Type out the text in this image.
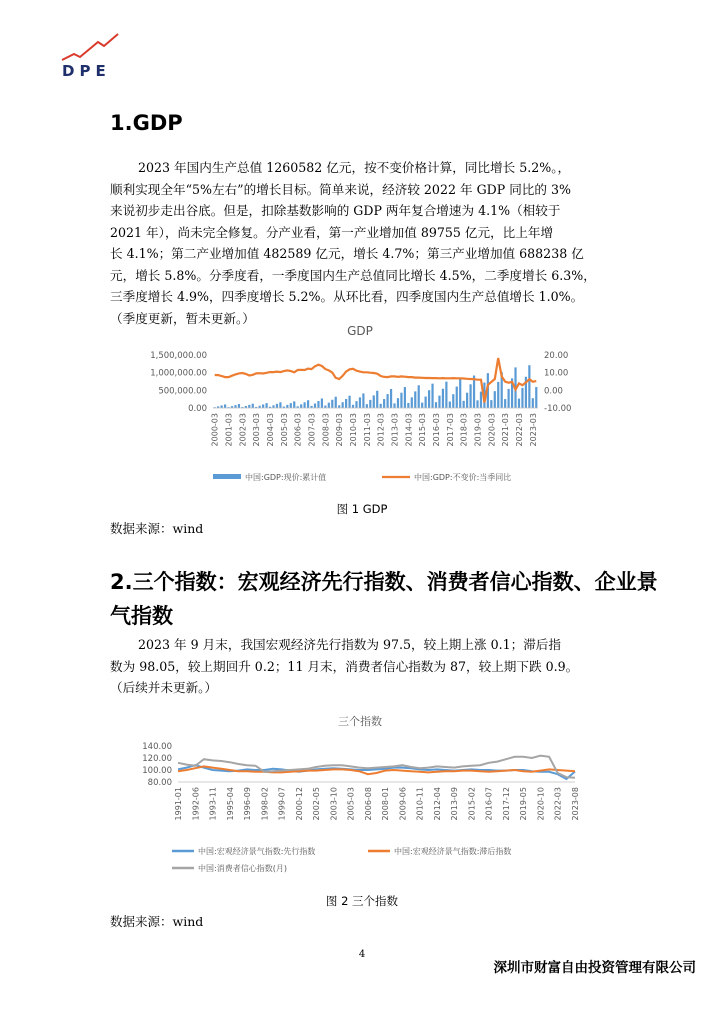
DPE
1.GDP
2023 年国内生产总值 1260582 亿元，按不变价格计算，同比增长 5.2%。，
顺利实现全年“5%左右”的增长目标。简单来说，经济较 2022 年 GDP 同比的 3%
来说初步走出谷底。但是，扣除基数影响的 GDP 两年复合增速为 4.1%（相较于
2021 年），尚未完全修复。分产业看，第一产业增加值 89755 亿元，比上年增
长 4.1%；第二产业增加值 482589 亿元，增长 4.7%；第三产业增加值 688238 亿
元，增长 5.8%。分季度看，一季度国内生产总值同比增长 4.5%，二季度增长 6.3%，
三季度增长 4.9%，四季度增长 5.2%。从环比看，四季度国内生产总值增长 1.0%。
（季度更新，暂未更新。）
GDP
0.00
500,000.00
1,000,000.00
1,500,000.00
-10.00
0.00
10.00
20.00
2000-03 2001-03 2002-03 2003-03 2004-03 2005-03 2006-03 2007-03 2008-03 2009-03 2010-03 2011-03 2012-03 2013-03 2014-03 2015-03 2016-03 2017-03 2018-03 2019-03 2020-03 2021-03 2022-03 2023-03
中国:GDP:现价:累计值	中国:GDP:不变价:当季同比
图 1 GDP
数据来源：wind
2.三个指数：宏观经济先行指数、消费者信心指数、企业景
气指数
2023 年 9 月末，我国宏观经济先行指数为 97.5，较上期上涨 0.1；滞后指
数为 98.05，较上期回升 0.2；11 月末，消费者信心指数为 87，较上期下跌 0.9。
（后续并未更新。）
三个指数
80.00
100.00
120.00
140.00
1991-01 1992-06 1993-11 1995-04 1996-09 1998-02 1999-07 2000-12 2002-05 2003-10 2005-03 2006-08 2008-01 2009-06 2010-11 2012-04 2013-09 2015-02 2016-07 2017-12 2019-05 2020-10 2022-03 2023-08
中国:宏观经济景气指数:先行指数	中国:宏观经济景气指数:滞后指数
中国:消费者信心指数(月)
图 2 三个指数
数据来源：wind
4
深圳市财富自由投资管理有限公司
